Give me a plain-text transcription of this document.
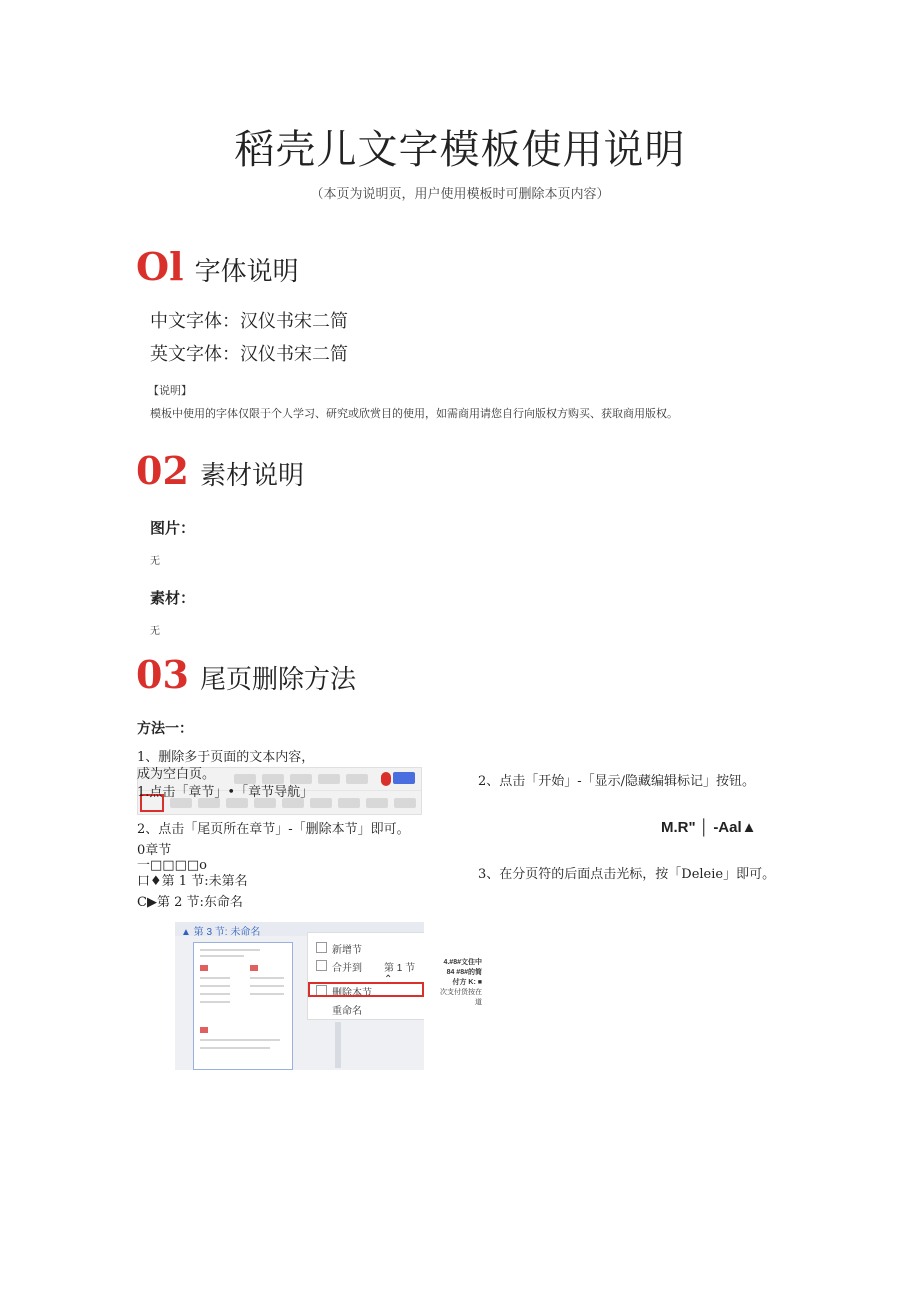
稻壳儿文字模板使用说明
（本页为说明页，用户使用模板时可删除本页内容）
Ol 字体说明
中文字体：汉仪书宋二简
英文字体：汉仪书宋二简
【说明】
模板中使用的字体仅限于个人学习、研究或欣赏目的使用，如需商用请您自行向版权方购买、获取商用版权。
02 素材说明
图片：
无
素材：
无
03 尾页删除方法
方法一：
1、删除多于页面的文本内容，
成为空白页。
1.点击「章节」•「章节导航」
2、点击「尾页所在章节」-「删除本节」即可。
0章节
一□□□□o
口♦第 1 节:未第名
C▶第 2 节:东命名
2、点击「开始」-「显示/隐藏编辑标记」按钮。
M.R" │ -Aal▲
3、在分页符的后面点击光标，按「Deleie」即可。
▲ 第 3 节: 未命名
新增节
合并到 第 1 节 ⌃
删除本节
重命名
4.#8#文住中
84 #8#的简
付方 K: ■
次支付货按在
道
